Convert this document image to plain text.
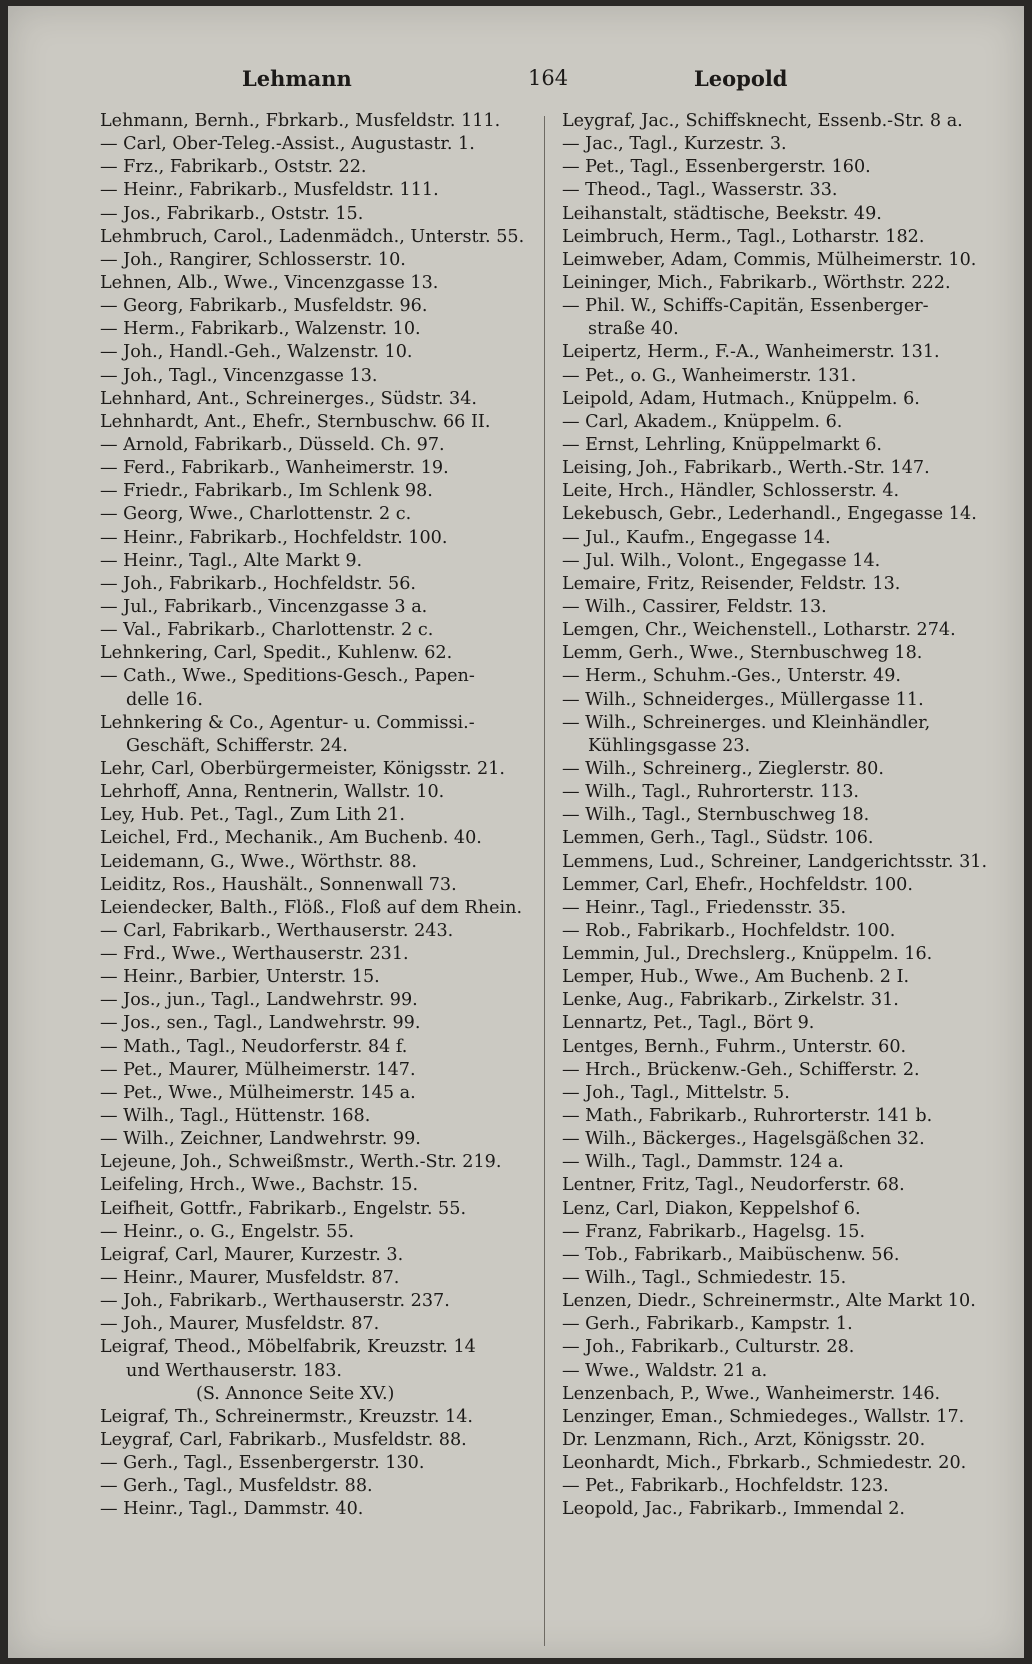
Lehmann	164	Leopold
Lehmann, Bernh., Fbrkarb., Musfeldstr. 111.
— Carl, Ober-Teleg.-Assist., Augustastr. 1.
— Frz., Fabrikarb., Oststr. 22.
— Heinr., Fabrikarb., Musfeldstr. 111.
— Jos., Fabrikarb., Oststr. 15.
Lehmbruch, Carol., Ladenmädch., Unterstr. 55.
— Joh., Rangirer, Schlosserstr. 10.
Lehnen, Alb., Wwe., Vincenzgasse 13.
— Georg, Fabrikarb., Musfeldstr. 96.
— Herm., Fabrikarb., Walzenstr. 10.
— Joh., Handl.-Geh., Walzenstr. 10.
— Joh., Tagl., Vincenzgasse 13.
Lehnhard, Ant., Schreinerges., Südstr. 34.
Lehnhardt, Ant., Ehefr., Sternbuschw. 66 II.
— Arnold, Fabrikarb., Düsseld. Ch. 97.
— Ferd., Fabrikarb., Wanheimerstr. 19.
— Friedr., Fabrikarb., Im Schlenk 98.
— Georg, Wwe., Charlottenstr. 2 c.
— Heinr., Fabrikarb., Hochfeldstr. 100.
— Heinr., Tagl., Alte Markt 9.
— Joh., Fabrikarb., Hochfeldstr. 56.
— Jul., Fabrikarb., Vincenzgasse 3 a.
— Val., Fabrikarb., Charlottenstr. 2 c.
Lehnkering, Carl, Spedit., Kuhlenw. 62.
— Cath., Wwe., Speditions-Gesch., Papen-
delle 16.
Lehnkering & Co., Agentur- u. Commissi.-
Geschäft, Schifferstr. 24.
Lehr, Carl, Oberbürgermeister, Königsstr. 21.
Lehrhoff, Anna, Rentnerin, Wallstr. 10.
Ley, Hub. Pet., Tagl., Zum Lith 21.
Leichel, Frd., Mechanik., Am Buchenb. 40.
Leidemann, G., Wwe., Wörthstr. 88.
Leiditz, Ros., Haushält., Sonnenwall 73.
Leiendecker, Balth., Flöß., Floß auf dem Rhein.
— Carl, Fabrikarb., Werthauserstr. 243.
— Frd., Wwe., Werthauserstr. 231.
— Heinr., Barbier, Unterstr. 15.
— Jos., jun., Tagl., Landwehrstr. 99.
— Jos., sen., Tagl., Landwehrstr. 99.
— Math., Tagl., Neudorferstr. 84 f.
— Pet., Maurer, Mülheimerstr. 147.
— Pet., Wwe., Mülheimerstr. 145 a.
— Wilh., Tagl., Hüttenstr. 168.
— Wilh., Zeichner, Landwehrstr. 99.
Lejeune, Joh., Schweißmstr., Werth.-Str. 219.
Leifeling, Hrch., Wwe., Bachstr. 15.
Leifheit, Gottfr., Fabrikarb., Engelstr. 55.
— Heinr., o. G., Engelstr. 55.
Leigraf, Carl, Maurer, Kurzestr. 3.
— Heinr., Maurer, Musfeldstr. 87.
— Joh., Fabrikarb., Werthauserstr. 237.
— Joh., Maurer, Musfeldstr. 87.
Leigraf, Theod., Möbelfabrik, Kreuzstr. 14
und Werthauserstr. 183.
(S. Annonce Seite XV.)
Leigraf, Th., Schreinermstr., Kreuzstr. 14.
Leygraf, Carl, Fabrikarb., Musfeldstr. 88.
— Gerh., Tagl., Essenbergerstr. 130.
— Gerh., Tagl., Musfeldstr. 88.
— Heinr., Tagl., Dammstr. 40.
Leygraf, Jac., Schiffsknecht, Essenb.-Str. 8 a.
— Jac., Tagl., Kurzestr. 3.
— Pet., Tagl., Essenbergerstr. 160.
— Theod., Tagl., Wasserstr. 33.
Leihanstalt, städtische, Beekstr. 49.
Leimbruch, Herm., Tagl., Lotharstr. 182.
Leimweber, Adam, Commis, Mülheimerstr. 10.
Leininger, Mich., Fabrikarb., Wörthstr. 222.
— Phil. W., Schiffs-Capitän, Essenberger-
straße 40.
Leipertz, Herm., F.-A., Wanheimerstr. 131.
— Pet., o. G., Wanheimerstr. 131.
Leipold, Adam, Hutmach., Knüppelm. 6.
— Carl, Akadem., Knüppelm. 6.
— Ernst, Lehrling, Knüppelmarkt 6.
Leising, Joh., Fabrikarb., Werth.-Str. 147.
Leite, Hrch., Händler, Schlosserstr. 4.
Lekebusch, Gebr., Lederhandl., Engegasse 14.
— Jul., Kaufm., Engegasse 14.
— Jul. Wilh., Volont., Engegasse 14.
Lemaire, Fritz, Reisender, Feldstr. 13.
— Wilh., Cassirer, Feldstr. 13.
Lemgen, Chr., Weichenstell., Lotharstr. 274.
Lemm, Gerh., Wwe., Sternbuschweg 18.
— Herm., Schuhm.-Ges., Unterstr. 49.
— Wilh., Schneiderges., Müllergasse 11.
— Wilh., Schreinerges. und Kleinhändler,
Kühlingsgasse 23.
— Wilh., Schreinerg., Zieglerstr. 80.
— Wilh., Tagl., Ruhrorterstr. 113.
— Wilh., Tagl., Sternbuschweg 18.
Lemmen, Gerh., Tagl., Südstr. 106.
Lemmens, Lud., Schreiner, Landgerichtsstr. 31.
Lemmer, Carl, Ehefr., Hochfeldstr. 100.
— Heinr., Tagl., Friedensstr. 35.
— Rob., Fabrikarb., Hochfeldstr. 100.
Lemmin, Jul., Drechslerg., Knüppelm. 16.
Lemper, Hub., Wwe., Am Buchenb. 2 I.
Lenke, Aug., Fabrikarb., Zirkelstr. 31.
Lennartz, Pet., Tagl., Bört 9.
Lentges, Bernh., Fuhrm., Unterstr. 60.
— Hrch., Brückenw.-Geh., Schifferstr. 2.
— Joh., Tagl., Mittelstr. 5.
— Math., Fabrikarb., Ruhrorterstr. 141 b.
— Wilh., Bäckerges., Hagelsgäßchen 32.
— Wilh., Tagl., Dammstr. 124 a.
Lentner, Fritz, Tagl., Neudorferstr. 68.
Lenz, Carl, Diakon, Keppelshof 6.
— Franz, Fabrikarb., Hagelsg. 15.
— Tob., Fabrikarb., Maibüschenw. 56.
— Wilh., Tagl., Schmiedestr. 15.
Lenzen, Diedr., Schreinermstr., Alte Markt 10.
— Gerh., Fabrikarb., Kampstr. 1.
— Joh., Fabrikarb., Culturstr. 28.
— Wwe., Waldstr. 21 a.
Lenzenbach, P., Wwe., Wanheimerstr. 146.
Lenzinger, Eman., Schmiedeges., Wallstr. 17.
Dr. Lenzmann, Rich., Arzt, Königsstr. 20.
Leonhardt, Mich., Fbrkarb., Schmiedestr. 20.
— Pet., Fabrikarb., Hochfeldstr. 123.
Leopold, Jac., Fabrikarb., Immendal 2.
